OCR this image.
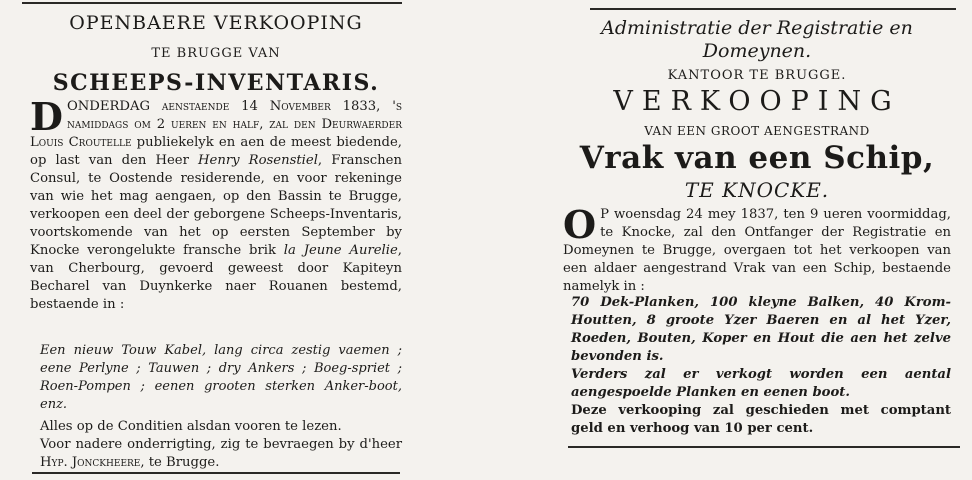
OPENBAERE VERKOOPING
TE BRUGGE VAN
SCHEEPS-INVENTARIS.
D ONDERDAG aenstaende 14 November 1833, 's namiddags om 2 ueren en half, zal den Deurwaerder Louis Croutelle publiekelyk en aen de meest biedende, op last van den Heer Henry Rosenstiel, Franschen Consul, te Oostende residerende, en voor rekeninge van wie het mag aengaen, op den Bassin te Brugge, verkoopen een deel der geborgene Scheeps-Inventaris, voortskomende van het op eersten September by Knocke verongelukte fransche brik la Jeune Aurelie, van Cherbourg, gevoerd geweest door Kapiteyn Becharel van Duynkerke naer Rouanen bestemd, bestaende in :
Een nieuw Touw Kabel, lang circa zestig vaemen ; eene Perlyne ; Tauwen ; dry Ankers ; Boeg-spriet ; Roen-Pompen ; eenen grooten sterken Anker-boot, enz.
Alles op de Conditien alsdan vooren te lezen.
Voor nadere onderrigting, zig te bevraegen by d'heer Hyp. Jonckheere, te Brugge.
Administratie der Registratie en
Domeynen.
KANTOOR TE BRUGGE.
VERKOOPING
VAN EEN GROOT AENGESTRAND
Vrak van een Schip,
TE KNOCKE.
O P woensdag 24 mey 1837, ten 9 ueren voormiddag, te Knocke, zal den Ontfanger der Registratie en Domeynen te Brugge, overgaen tot het verkoopen van een aldaer aengestrand Vrak van een Schip, bestaende namelyk in :
70 Dek-Planken, 100 kleyne Balken, 40 Krom-Houtten, 8 groote Yzer Baeren en al het Yzer, Roeden, Bouten, Koper en Hout die aen het zelve bevonden is.
Verders zal er verkogt worden een aental aengespoelde Planken en eenen boot.
Deze verkooping zal geschieden met comptant geld en verhoog van 10 per cent.
